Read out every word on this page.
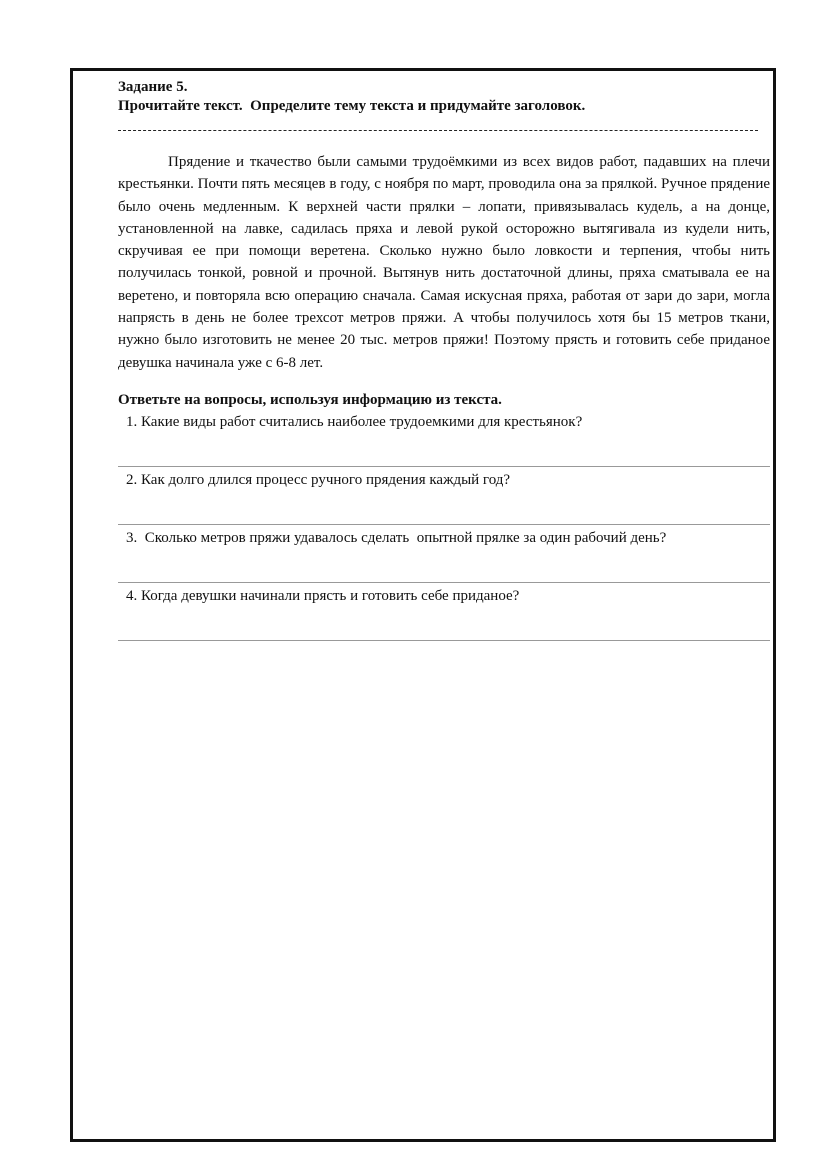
Задание 5.

Прочитайте текст.  Определите тему текста и придумайте заголовок.

Прядение и ткачество были самыми трудоёмкими из всех видов работ, падавших на плечи крестьянки. Почти пять месяцев в году, с ноября по март, проводила она за прялкой. Ручное прядение было очень медленным. К верхней части прялки – лопати, привязывалась кудель, а на донце, установленной на лавке, садилась пряха и левой рукой осторожно вытягивала из кудели нить, скручивая ее при помощи веретена. Сколько нужно было ловкости и терпения, чтобы нить получилась тонкой, ровной и прочной. Вытянув нить достаточной длины, пряха сматывала ее на веретено, и повторяла всю операцию сначала. Самая искусная пряха, работая от зари до зари, могла напрясть в день не более трехсот метров пряжи. А чтобы получилось хотя бы 15 метров ткани, нужно было изготовить не менее 20 тыс. метров пряжи! Поэтому прясть и готовить себе приданое девушка начинала уже с 6-8 лет.

Ответьте на вопросы, используя информацию из текста.

1. Какие виды работ считались наиболее трудоемкими для крестьянок?
2. Как долго длился процесс ручного прядения каждый год?
3.  Сколько метров пряжи удавалось сделать  опытной прялке за один рабочий день?
4. Когда девушки начинали прясть и готовить себе приданое?
